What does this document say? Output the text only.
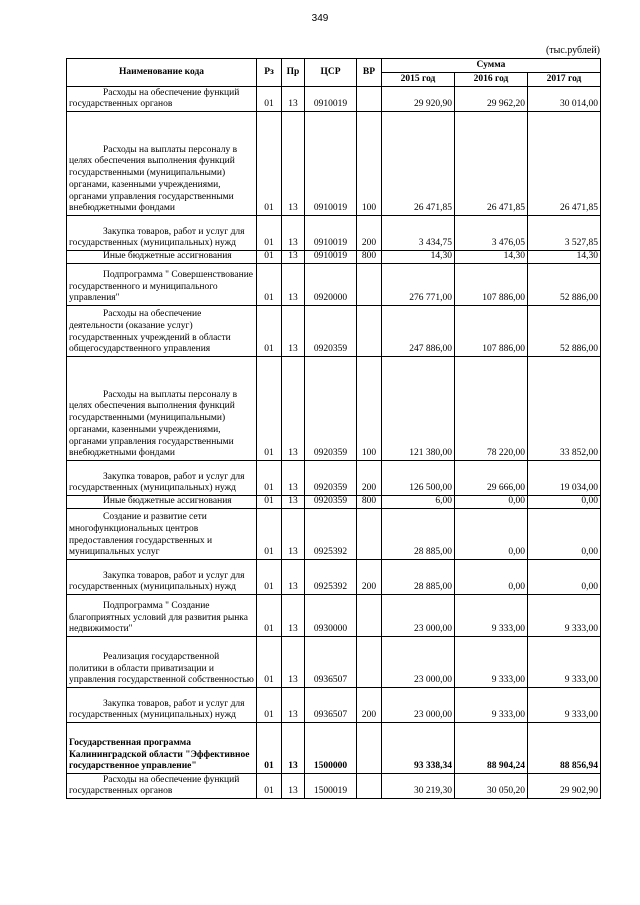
349
(тыс.рублей)
Наименование кода	Рз	Пр	ЦСР	ВР	Сумма		
					2015 год	2016 год	2017 год
Расходы на обеспечение функций государственных органов	01	13	0910019		29 920,90	29 962,20	30 014,00
Расходы на выплаты персоналу в целях обеспечения выполнения функций государственными (муниципальными) органами, казенными учреждениями, органами управления государственными внебюджетными фондами	01	13	0910019	100	26 471,85	26 471,85	26 471,85
Закупка товаров, работ и услуг для государственных (муниципальных) нужд	01	13	0910019	200	3 434,75	3 476,05	3 527,85
Иные бюджетные ассигнования	01	13	0910019	800	14,30	14,30	14,30
Подпрограмма " Совершенствование государственного и муниципального управления"	01	13	0920000		276 771,00	107 886,00	52 886,00
Расходы на обеспечение деятельности (оказание услуг) государственных учреждений в области общегосударственного управления	01	13	0920359		247 886,00	107 886,00	52 886,00
Расходы на выплаты персоналу в целях обеспечения выполнения функций государственными (муниципальными) органами, казенными учреждениями, органами управления государственными внебюджетными фондами	01	13	0920359	100	121 380,00	78 220,00	33 852,00
Закупка товаров, работ и услуг для государственных (муниципальных) нужд	01	13	0920359	200	126 500,00	29 666,00	19 034,00
Иные бюджетные ассигнования	01	13	0920359	800	6,00	0,00	0,00
Создание и развитие сети многофункциональных центров предоставления государственных и муниципальных услуг	01	13	0925392		28 885,00	0,00	0,00
Закупка товаров, работ и услуг для государственных (муниципальных) нужд	01	13	0925392	200	28 885,00	0,00	0,00
Подпрограмма " Создание благоприятных условий для развития рынка недвижимости"	01	13	0930000		23 000,00	9 333,00	9 333,00
Реализация государственной политики в области приватизации и управления государственной собственностью	01	13	0936507		23 000,00	9 333,00	9 333,00
Закупка товаров, работ и услуг для государственных (муниципальных) нужд	01	13	0936507	200	23 000,00	9 333,00	9 333,00
Государственная программа Калининградской области "Эффективное государственное управление"	01	13	1500000		93 338,34	88 904,24	88 856,94
Расходы на обеспечение функций государственных органов	01	13	1500019		30 219,30	30 050,20	29 902,90
